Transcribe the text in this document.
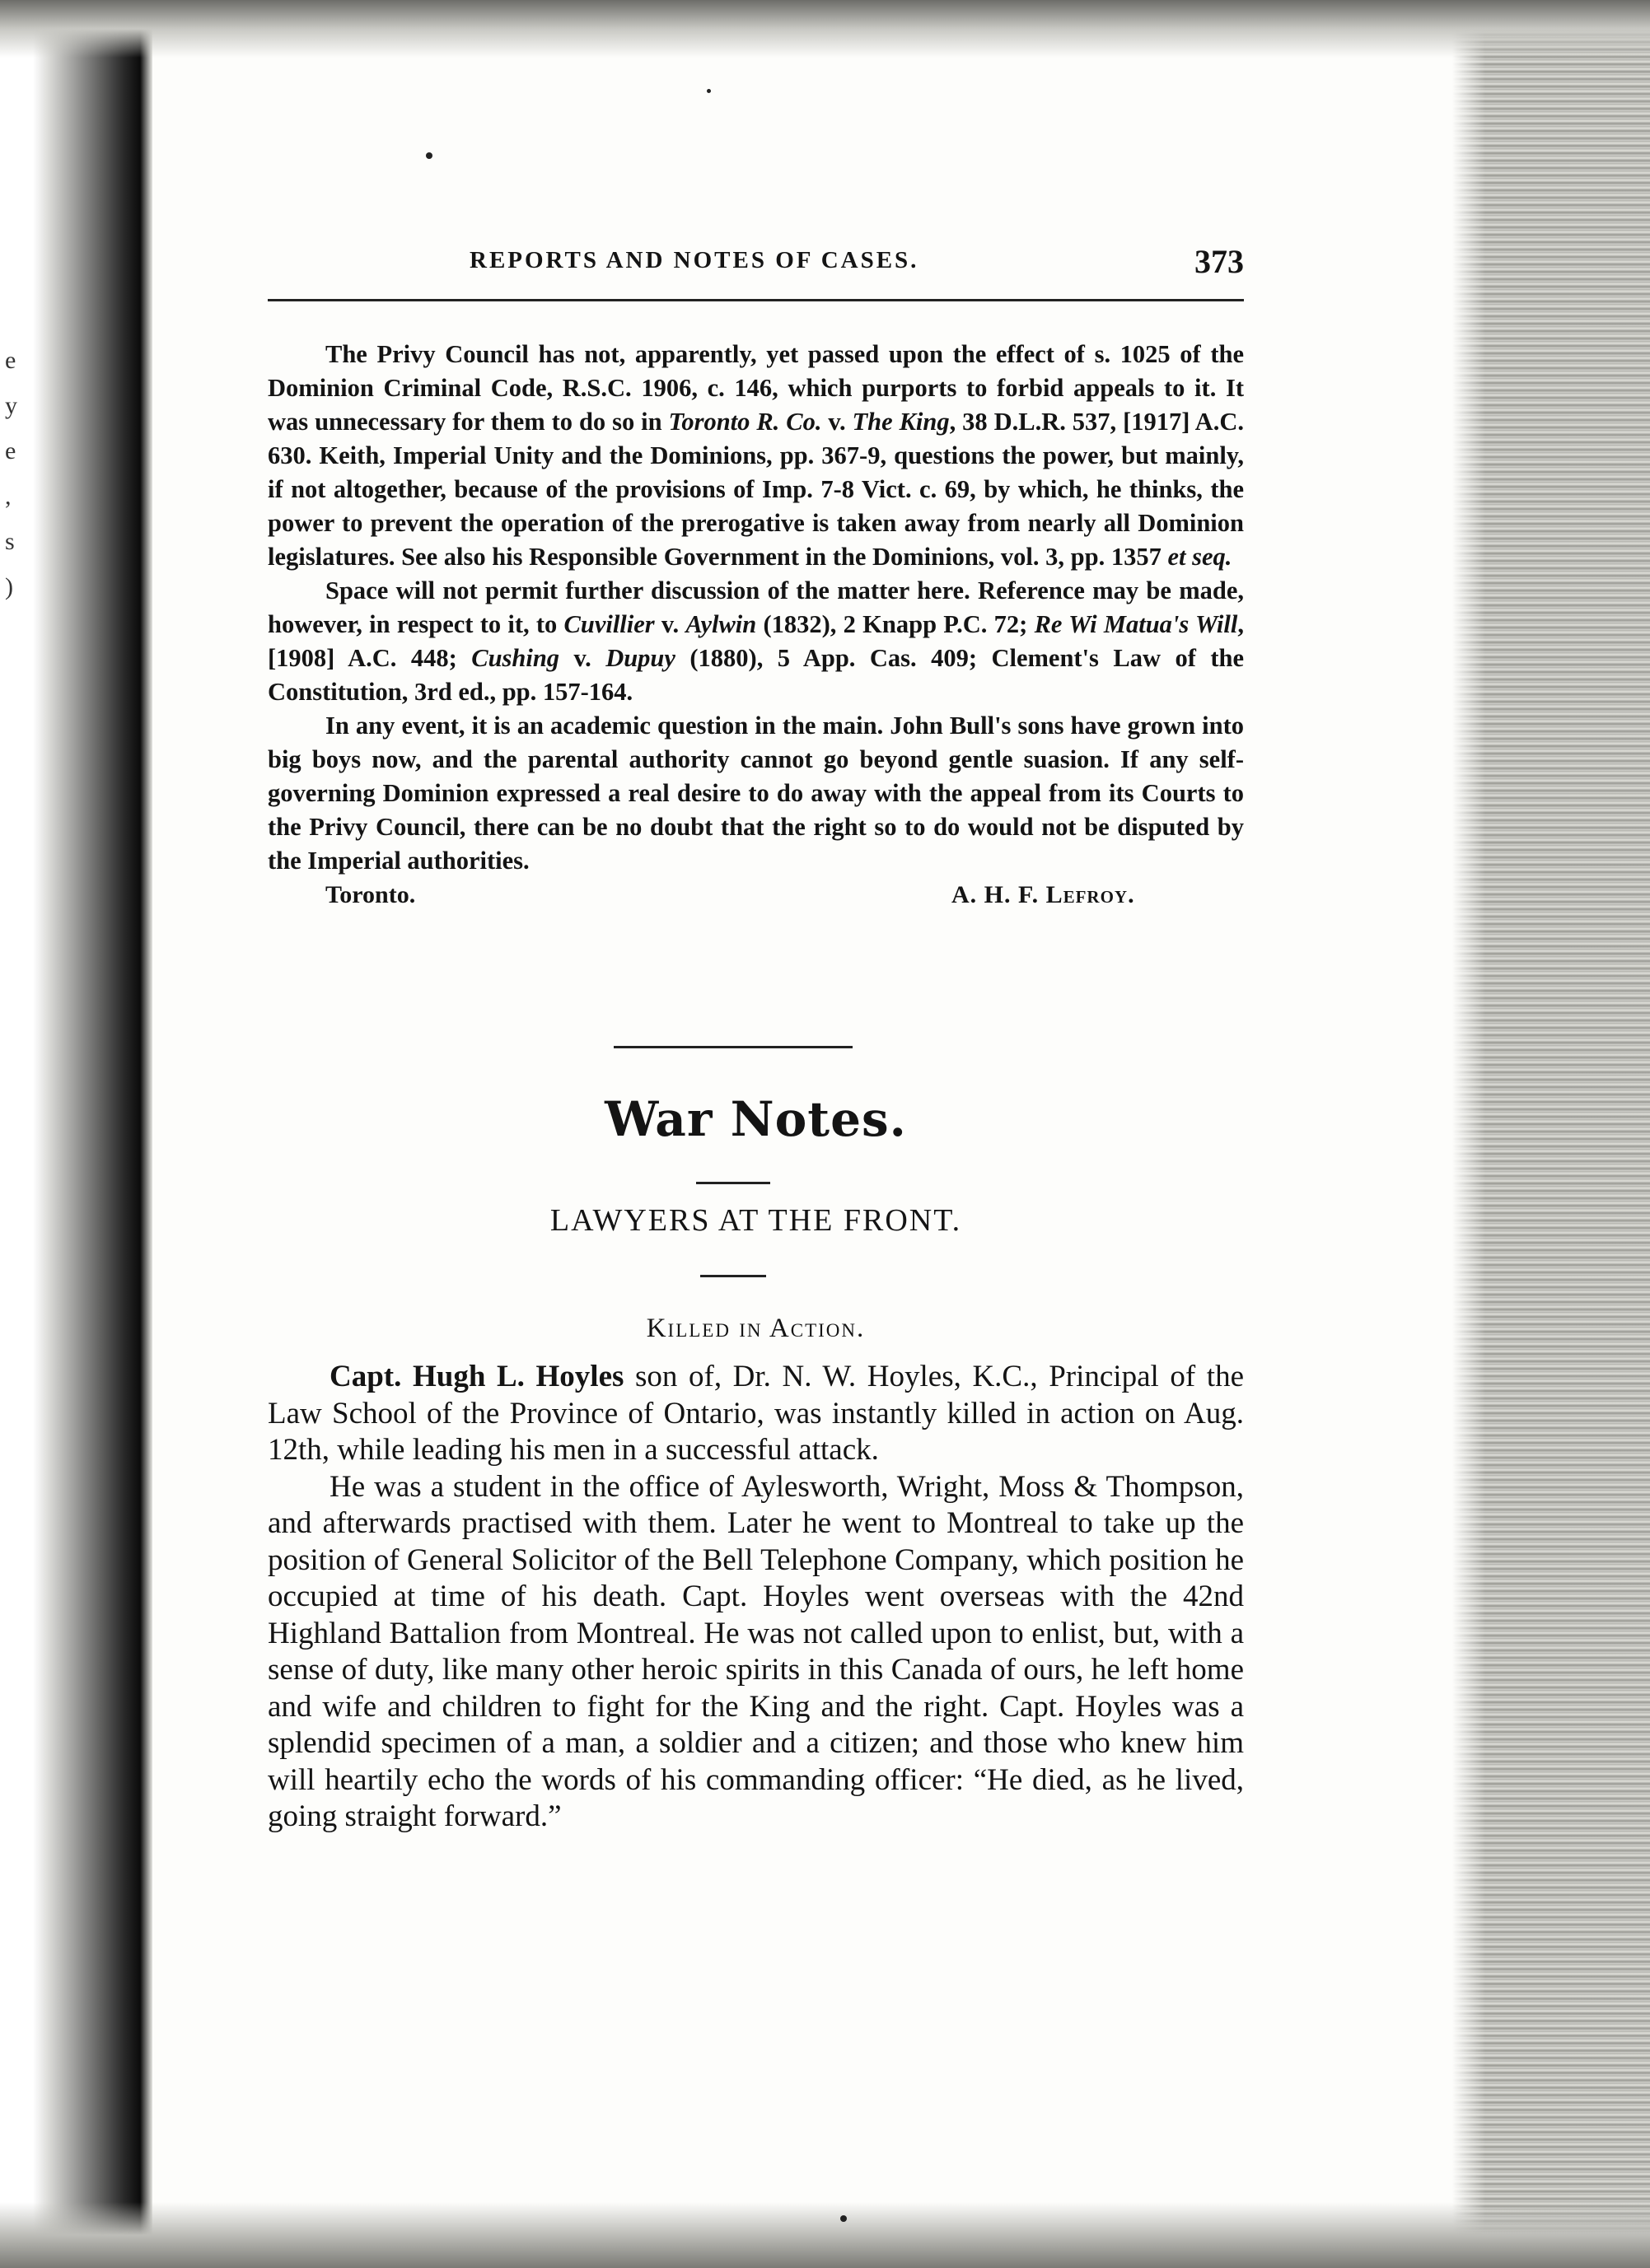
e
y
e
,
s
)
REPORTS AND NOTES OF CASES.	373

The Privy Council has not, apparently, yet passed upon the effect of s. 1025 of the Dominion Criminal Code, R.S.C. 1906, c. 146, which purports to forbid appeals to it. It was unnecessary for them to do so in Toronto R. Co. v. The King, 38 D.L.R. 537, [1917] A.C. 630. Keith, Imperial Unity and the Dominions, pp. 367-9, questions the power, but mainly, if not altogether, because of the provisions of Imp. 7-8 Vict. c. 69, by which, he thinks, the power to prevent the operation of the prerogative is taken away from nearly all Dominion legislatures. See also his Responsible Government in the Dominions, vol. 3, pp. 1357 et seq.

Space will not permit further discussion of the matter here. Reference may be made, however, in respect to it, to Cuvillier v. Aylwin (1832), 2 Knapp P.C. 72; Re Wi Matua's Will, [1908] A.C. 448; Cushing v. Dupuy (1880), 5 App. Cas. 409; Clement's Law of the Constitution, 3rd ed., pp. 157-164.

In any event, it is an academic question in the main. John Bull's sons have grown into big boys now, and the parental authority cannot go beyond gentle suasion. If any self-governing Dominion expressed a real desire to do away with the appeal from its Courts to the Privy Council, there can be no doubt that the right so to do would not be disputed by the Imperial authorities.

Toronto.	A. H. F. Lefroy.
War Notes.
LAWYERS AT THE FRONT.
Killed in Action.

Capt. Hugh L. Hoyles son of, Dr. N. W. Hoyles, K.C., Principal of the Law School of the Province of Ontario, was instantly killed in action on Aug. 12th, while leading his men in a successful attack.

He was a student in the office of Aylesworth, Wright, Moss & Thompson, and afterwards practised with them. Later he went to Montreal to take up the position of General Solicitor of the Bell Telephone Company, which position he occupied at time of his death. Capt. Hoyles went overseas with the 42nd Highland Battalion from Montreal. He was not called upon to enlist, but, with a sense of duty, like many other heroic spirits in this Canada of ours, he left home and wife and children to fight for the King and the right. Capt. Hoyles was a splendid specimen of a man, a soldier and a citizen; and those who knew him will heartily echo the words of his commanding officer: “He died, as he lived, going straight forward.”
